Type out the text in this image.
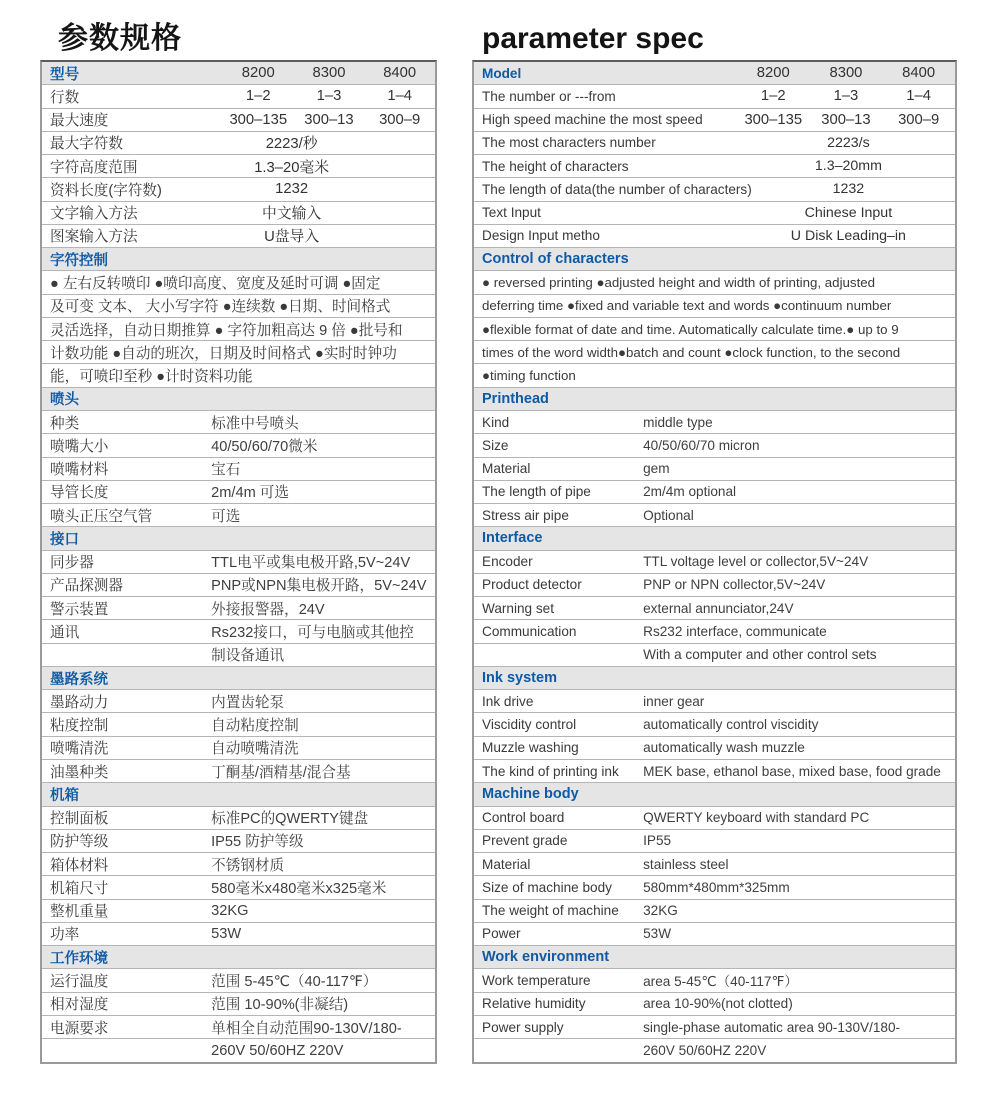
参数规格
型号	8200	8300	8400
行数	1–2	1–3	1–4
最大速度	300–135	300–13	300–9
最大字符数	2223/秒
字符高度范围	1.3–20毫米
资料长度(字符数)	1232
文字输入方法	中文输入
图案输入方法	U盘导入
字符控制
● 左右反转喷印 ●喷印高度、宽度及延时可调 ●固定
及可变 文本、 大小写字符 ●连续数 ●日期、时间格式
灵活选择，自动日期推算 ● 字符加粗高达 9 倍 ●批号和
计数功能 ●自动的班次，日期及时间格式 ●实时时钟功
能，可喷印至秒 ●计时资料功能
喷头
种类	标准中号喷头
喷嘴大小	40/50/60/70微米
喷嘴材料	宝石
导管长度	2m/4m 可选
喷头正压空气管	可选
接口
同步器	TTL电平或集电极开路,5V~24V
产品探测器	PNP或NPN集电极开路，5V~24V
警示装置	外接报警器，24V
通讯	Rs232接口，可与电脑或其他控
制设备通讯
墨路系统
墨路动力	内置齿轮泵
粘度控制	自动粘度控制
喷嘴清洗	自动喷嘴清洗
油墨种类	丁酮基/酒精基/混合基
机箱
控制面板	标准PC的QWERTY键盘
防护等级	IP55 防护等级
箱体材料	不锈钢材质
机箱尺寸	580毫米x480毫米x325毫米
整机重量	32KG
功率	53W
工作环境
运行温度	范围 5-45℃（40-117℉）
相对湿度	范围 10-90%(非凝结)
电源要求	单相全自动范围90-130V/180-
260V 50/60HZ 220V
parameter spec
Model	8200	8300	8400
The number or ---from	1–2	1–3	1–4
High speed machine the most speed	300–135	300–13	300–9
The most characters number	2223/s
The height of characters	1.3–20mm
The length of data(the number of characters)	1232
Text Input	Chinese Input
Design Input metho	U Disk Leading–in
Control of characters
● reversed printing ●adjusted height and width of printing, adjusted
deferring time ●fixed and variable text and words ●continuum number
●flexible format of date and time. Automatically calculate time.● up to 9
times of the word width●batch and count ●clock function, to the second
●timing function
Printhead
Kind	middle type
Size	40/50/60/70 micron
Material	gem
The length of pipe	2m/4m optional
Stress air pipe	Optional
Interface
Encoder	TTL voltage level or collector,5V~24V
Product detector	PNP or NPN collector,5V~24V
Warning set	external annunciator,24V
Communication	Rs232 interface, communicate
With a computer and other control sets
Ink system
Ink drive	inner gear
Viscidity control	automatically control viscidity
Muzzle washing	automatically wash muzzle
The kind of printing ink	MEK base, ethanol base, mixed base, food grade
Machine body
Control board	QWERTY keyboard with standard PC
Prevent grade	IP55
Material	stainless steel
Size of machine body	580mm*480mm*325mm
The weight of machine	32KG
Power	53W
Work environment
Work temperature	area 5-45℃（40-117℉）
Relative humidity	area 10-90%(not clotted)
Power supply	single-phase automatic area 90-130V/180-
260V 50/60HZ 220V
